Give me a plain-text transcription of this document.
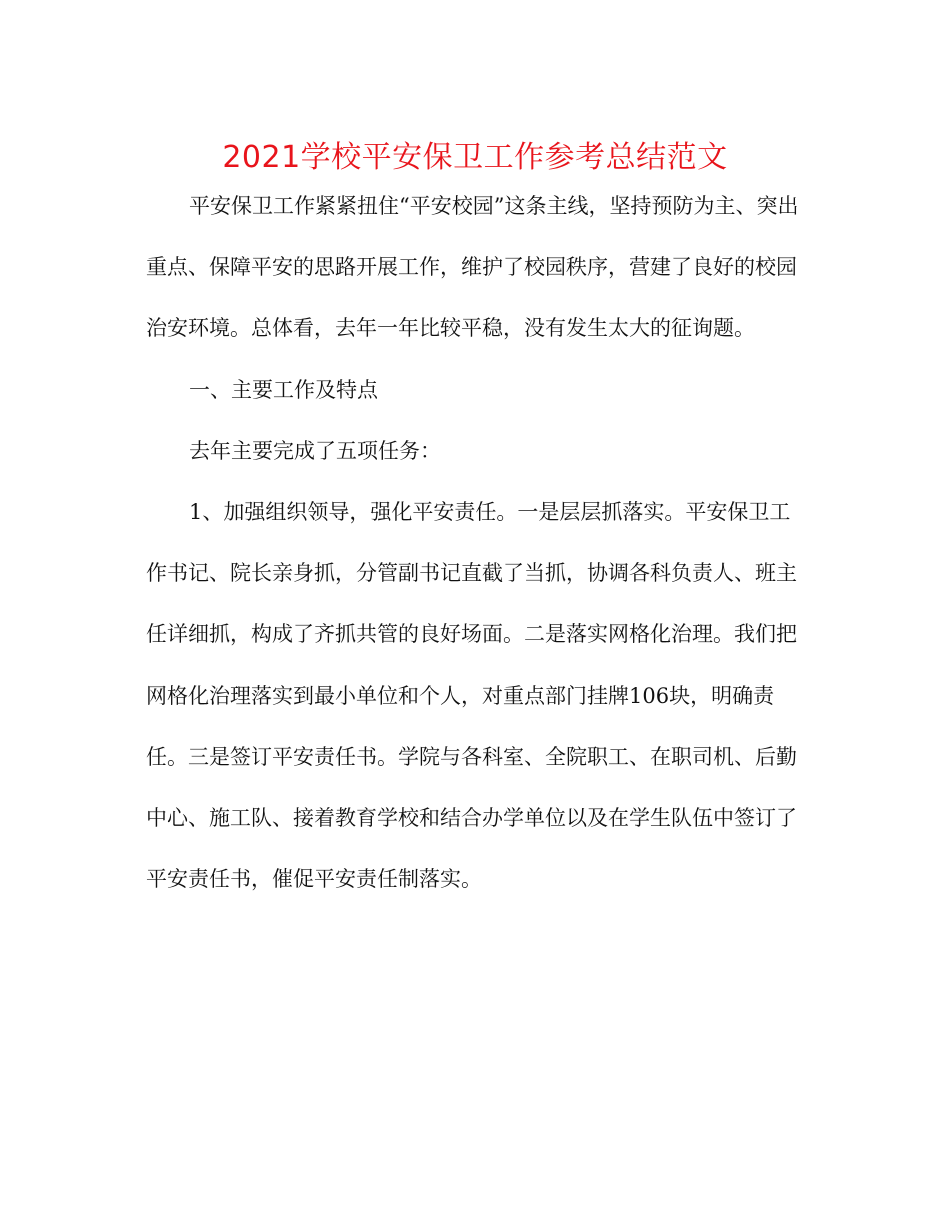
2021学校平安保卫工作参考总结范文

平安保卫工作紧紧扭住“平安校园”这条主线，坚持预防为主、突出重点、保障平安的思路开展工作，维护了校园秩序，营建了良好的校园治安环境。总体看，去年一年比较平稳，没有发生太大的征询题。

一、主要工作及特点

去年主要完成了五项任务：

1、加强组织领导，强化平安责任。一是层层抓落实。平安保卫工作书记、院长亲身抓，分管副书记直截了当抓，协调各科负责人、班主任详细抓，构成了齐抓共管的良好场面。二是落实网格化治理。我们把网格化治理落实到最小单位和个人，对重点部门挂牌106块，明确责任。三是签订平安责任书。学院与各科室、全院职工、在职司机、后勤中心、施工队、接着教育学校和结合办学单位以及在学生队伍中签订了平安责任书，催促平安责任制落实。
